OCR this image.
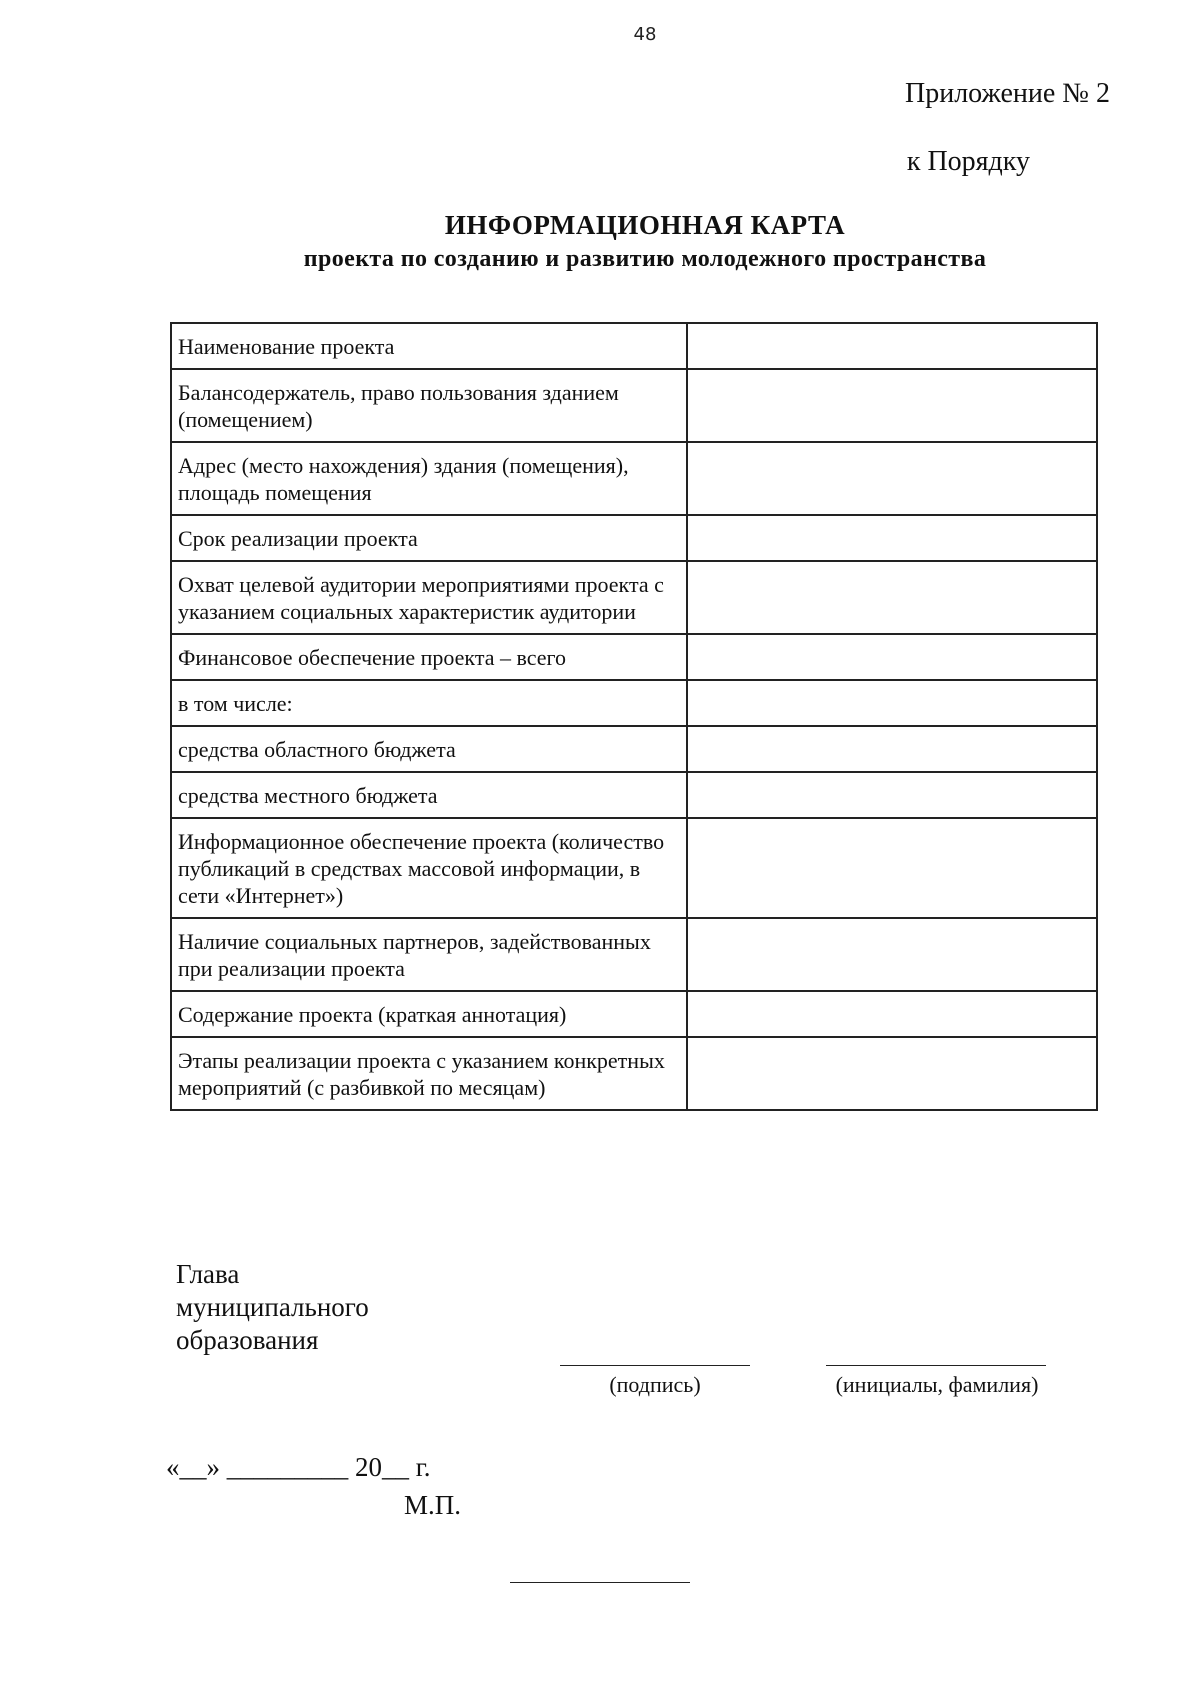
48
Приложение № 2
к Порядку
ИНФОРМАЦИОННАЯ КАРТА
проекта по созданию и развитию молодежного пространства
Наименование проекта	
Балансодержатель, право пользования зданием (помещением)	
Адрес (место нахождения) здания (помещения), площадь помещения	
Срок реализации проекта	
Охват целевой аудитории мероприятиями проекта с указанием социальных характеристик аудитории	
Финансовое обеспечение проекта – всего	
в том числе:	
средства областного бюджета	
средства местного бюджета	
Информационное обеспечение проекта (количество публикаций в средствах массовой информации, в сети «Интернет»)	
Наличие социальных партнеров, задействованных при реализации проекта	
Содержание проекта (краткая аннотация)	
Этапы реализации проекта с указанием конкретных мероприятий (с разбивкой по месяцам)	
Глава
муниципального
образования
(подпись)	(инициалы, фамилия)
«__» _________ 20__ г.
М.П.
